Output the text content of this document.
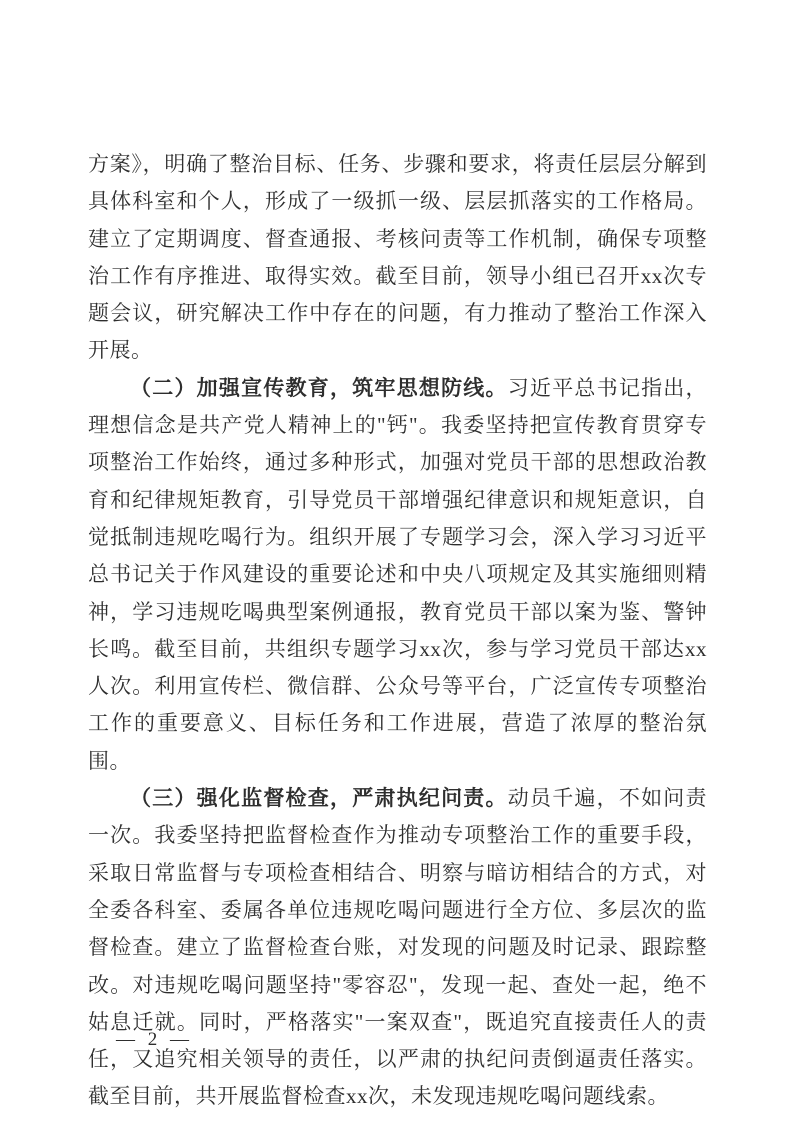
方案》，明确了整治目标、任务、步骤和要求，将责任层层分解到具体科室和个人，形成了一级抓一级、层层抓落实的工作格局。建立了定期调度、督查通报、考核问责等工作机制，确保专项整治工作有序推进、取得实效。截至目前，领导小组已召开xx次专题会议，研究解决工作中存在的问题，有力推动了整治工作深入开展。

（二）加强宣传教育，筑牢思想防线。习近平总书记指出，理想信念是共产党人精神上的"钙"。我委坚持把宣传教育贯穿专项整治工作始终，通过多种形式，加强对党员干部的思想政治教育和纪律规矩教育，引导党员干部增强纪律意识和规矩意识，自觉抵制违规吃喝行为。组织开展了专题学习会，深入学习习近平总书记关于作风建设的重要论述和中央八项规定及其实施细则精神，学习违规吃喝典型案例通报，教育党员干部以案为鉴、警钟长鸣。截至目前，共组织专题学习xx次，参与学习党员干部达xx人次。利用宣传栏、微信群、公众号等平台，广泛宣传专项整治工作的重要意义、目标任务和工作进展，营造了浓厚的整治氛围。

（三）强化监督检查，严肃执纪问责。动员千遍，不如问责一次。我委坚持把监督检查作为推动专项整治工作的重要手段，采取日常监督与专项检查相结合、明察与暗访相结合的方式，对全委各科室、委属各单位违规吃喝问题进行全方位、多层次的监督检查。建立了监督检查台账，对发现的问题及时记录、跟踪整改。对违规吃喝问题坚持"零容忍"，发现一起、查处一起，绝不姑息迁就。同时，严格落实"一案双查"，既追究直接责任人的责任，又追究相关领导的责任，以严肃的执纪问责倒逼责任落实。截至目前，共开展监督检查xx次，未发现违规吃喝问题线索。

— 2 —
